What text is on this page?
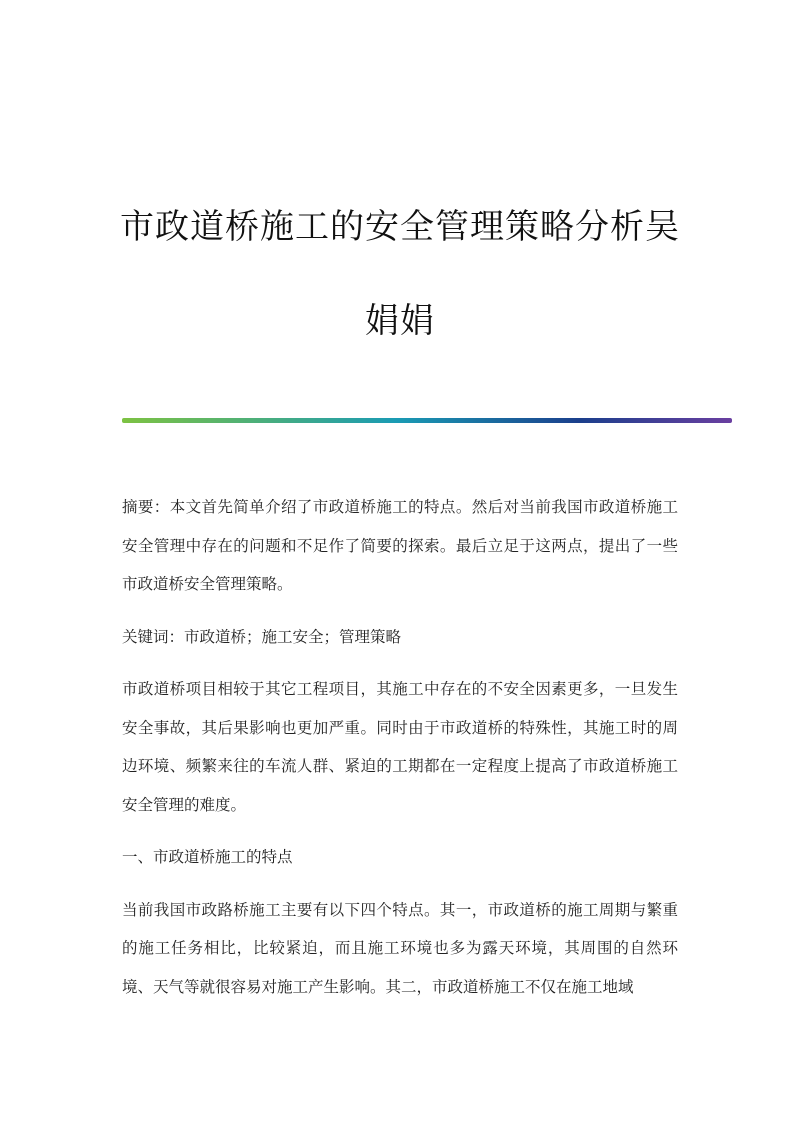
市政道桥施工的安全管理策略分析吴娟娟

摘要：本文首先简单介绍了市政道桥施工的特点。然后对当前我国市政道桥施工安全管理中存在的问题和不足作了简要的探索。最后立足于这两点，提出了一些市政道桥安全管理策略。

关键词：市政道桥；施工安全；管理策略

市政道桥项目相较于其它工程项目，其施工中存在的不安全因素更多，一旦发生安全事故，其后果影响也更加严重。同时由于市政道桥的特殊性，其施工时的周边环境、频繁来往的车流人群、紧迫的工期都在一定程度上提高了市政道桥施工安全管理的难度。

一、市政道桥施工的特点

当前我国市政路桥施工主要有以下四个特点。其一，市政道桥的施工周期与繁重的施工任务相比，比较紧迫，而且施工环境也多为露天环境，其周围的自然环境、天气等就很容易对施工产生影响。其二，市政道桥施工不仅在施工地域
